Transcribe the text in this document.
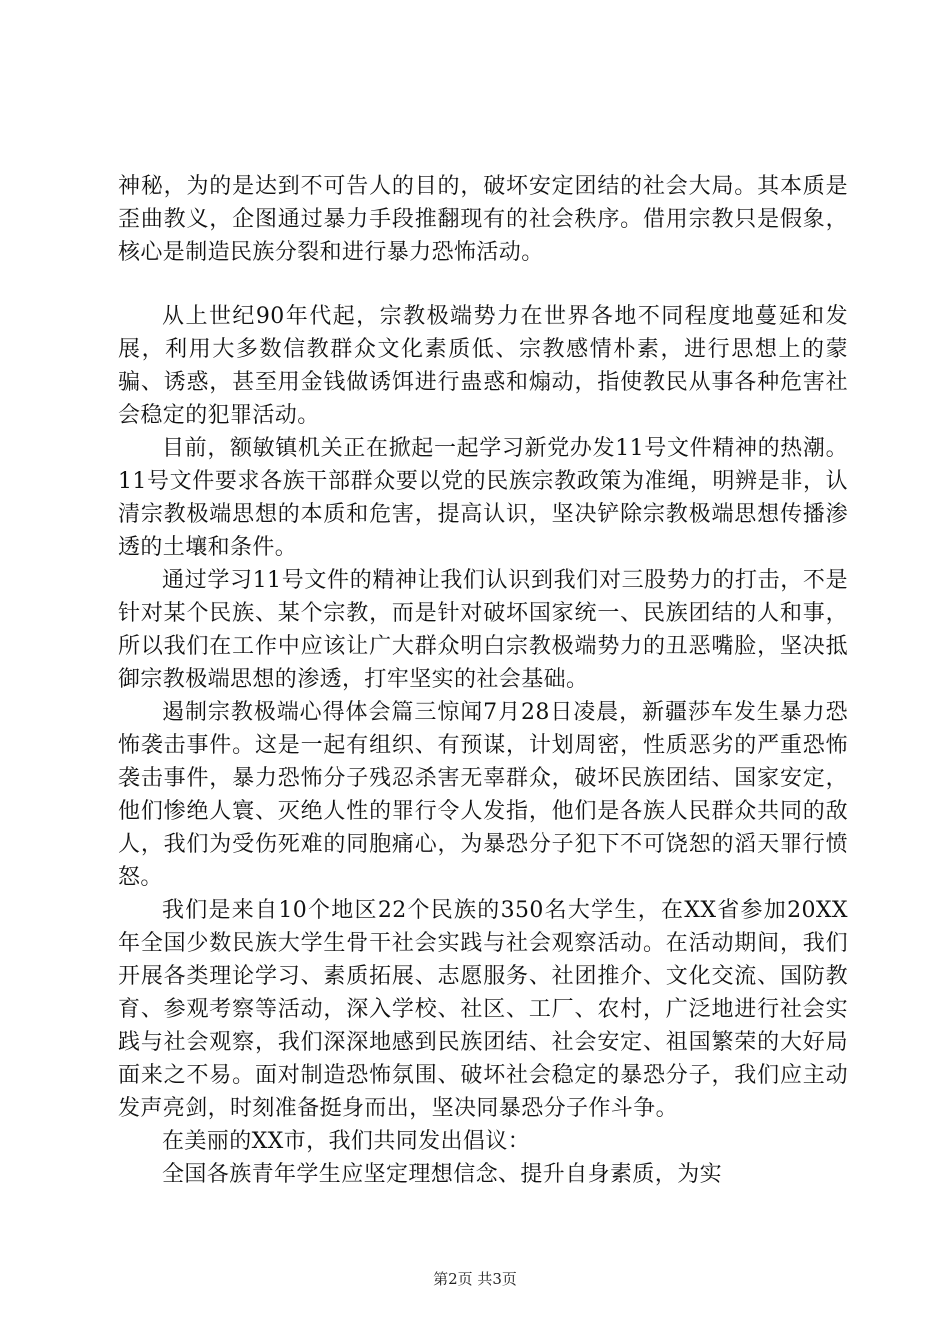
神秘，为的是达到不可告人的目的，破坏安定团结的社会大局。其本质是歪曲教义，企图通过暴力手段推翻现有的社会秩序。借用宗教只是假象，核心是制造民族分裂和进行暴力恐怖活动。

从上世纪90年代起，宗教极端势力在世界各地不同程度地蔓延和发展，利用大多数信教群众文化素质低、宗教感情朴素，进行思想上的蒙骗、诱惑，甚至用金钱做诱饵进行蛊惑和煽动，指使教民从事各种危害社会稳定的犯罪活动。

目前，额敏镇机关正在掀起一起学习新党办发11号文件精神的热潮。11号文件要求各族干部群众要以党的民族宗教政策为准绳，明辨是非，认清宗教极端思想的本质和危害，提高认识，坚决铲除宗教极端思想传播渗透的土壤和条件。

通过学习11号文件的精神让我们认识到我们对三股势力的打击，不是针对某个民族、某个宗教，而是针对破坏国家统一、民族团结的人和事，所以我们在工作中应该让广大群众明白宗教极端势力的丑恶嘴脸，坚决抵御宗教极端思想的渗透，打牢坚实的社会基础。

遏制宗教极端心得体会篇三惊闻7月28日凌晨，新疆莎车发生暴力恐怖袭击事件。这是一起有组织、有预谋，计划周密，性质恶劣的严重恐怖袭击事件，暴力恐怖分子残忍杀害无辜群众，破坏民族团结、国家安定，他们惨绝人寰、灭绝人性的罪行令人发指，他们是各族人民群众共同的敌人，我们为受伤死难的同胞痛心，为暴恐分子犯下不可饶恕的滔天罪行愤怒。

我们是来自10个地区22个民族的350名大学生，在XX省参加20XX年全国少数民族大学生骨干社会实践与社会观察活动。在活动期间，我们开展各类理论学习、素质拓展、志愿服务、社团推介、文化交流、国防教育、参观考察等活动，深入学校、社区、工厂、农村，广泛地进行社会实践与社会观察，我们深深地感到民族团结、社会安定、祖国繁荣的大好局面来之不易。面对制造恐怖氛围、破坏社会稳定的暴恐分子，我们应主动发声亮剑，时刻准备挺身而出，坚决同暴恐分子作斗争。

在美丽的XX市，我们共同发出倡议：

全国各族青年学生应坚定理想信念、提升自身素质，为实

第2页 共3页
